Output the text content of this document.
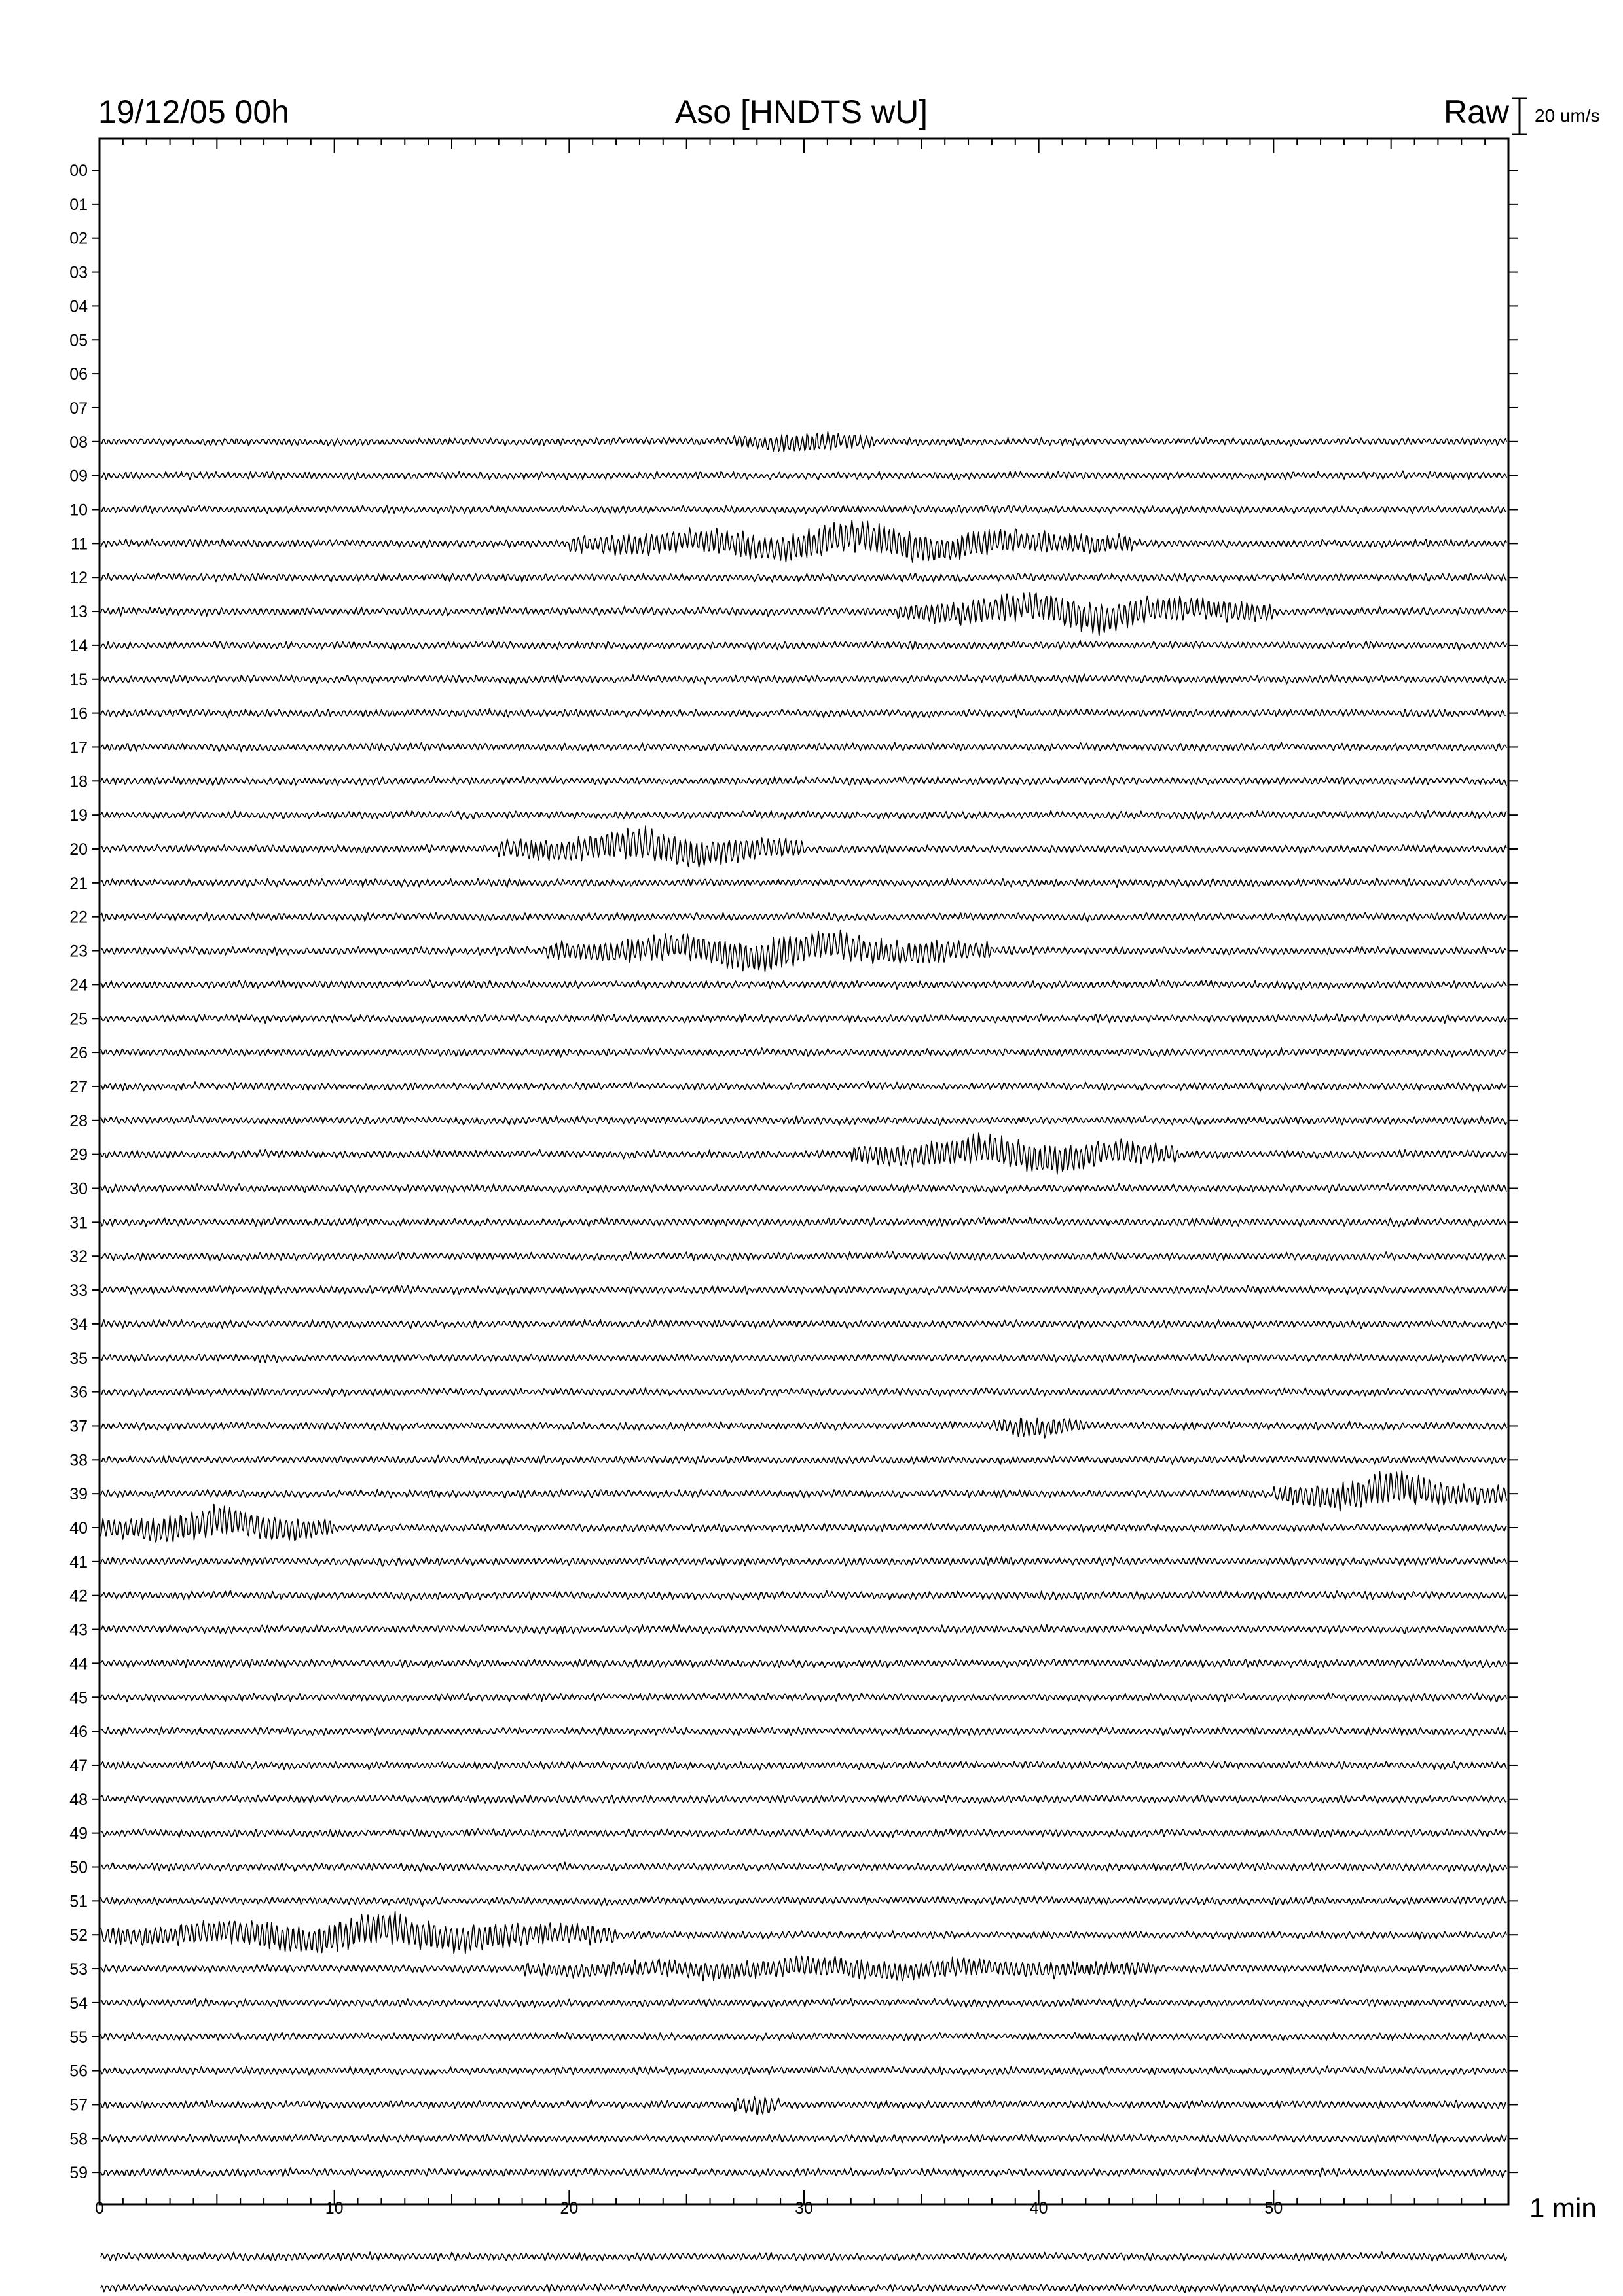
19/12/05 00h	Aso [HNDTS wU]	Raw 20 um/s
00
01
02
03
04
05
06
07
08
09
10
11
12
13
14
15
16
17
18
19
20
21
22
23
24
25
26
27
28
29
30
31
32
33
34
35
36
37
38
39
40
41
42
43
44
45
46
47
48
49
50
51
52
53
54
55
56
57
58
59
0	10	20	30	40	50	1 min
